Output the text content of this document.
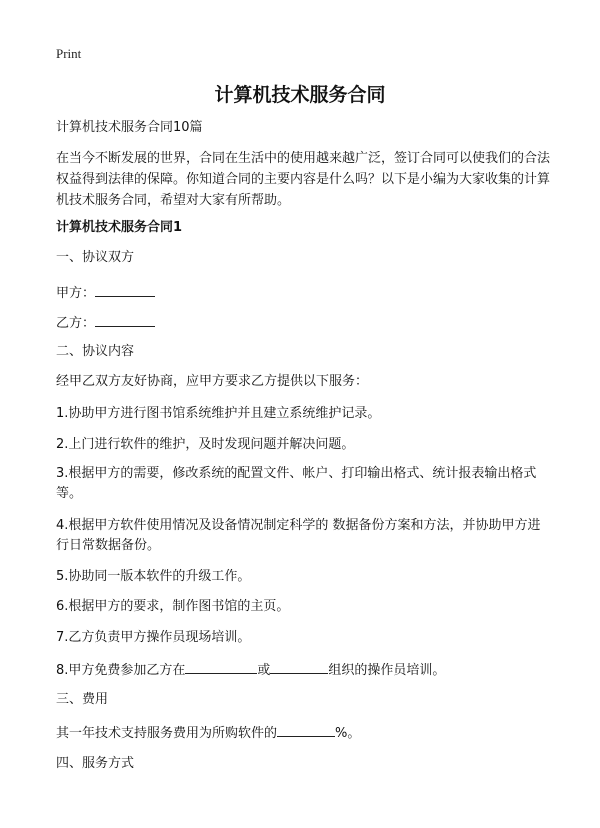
Print
计算机技术服务合同
计算机技术服务合同10篇
在当今不断发展的世界，合同在生活中的使用越来越广泛，签订合同可以使我们的合法权益得到法律的保障。你知道合同的主要内容是什么吗？以下是小编为大家收集的计算机技术服务合同，希望对大家有所帮助。
计算机技术服务合同1
一、协议双方
甲方：
乙方：
二、协议内容
经甲乙双方友好协商，应甲方要求乙方提供以下服务：
1.协助甲方进行图书馆系统维护并且建立系统维护记录。
2.上门进行软件的维护，及时发现问题并解决问题。
3.根据甲方的需要，修改系统的配置文件、帐户、打印输出格式、统计报表输出格式等。
4.根据甲方软件使用情况及设备情况制定科学的 数据备份方案和方法，并协助甲方进行日常数据备份。
5.协助同一版本软件的升级工作。
6.根据甲方的要求，制作图书馆的主页。
7.乙方负责甲方操作员现场培训。
8.甲方免费参加乙方在	或	组织的操作员培训。
三、费用
其一年技术支持服务费用为所购软件的	%。
四、服务方式
